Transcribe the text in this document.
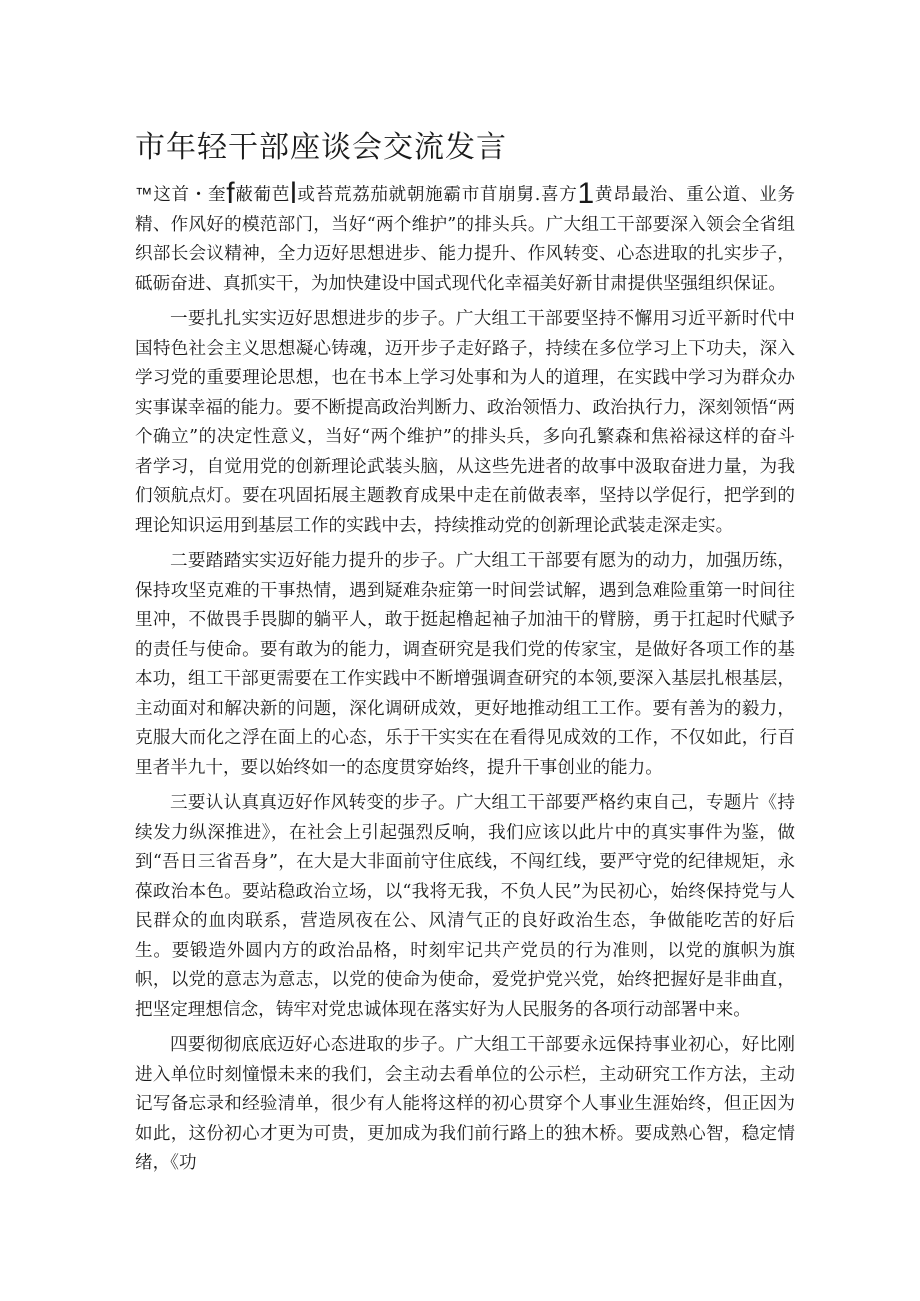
市年轻干部座谈会交流发言

™这首・奎f蔽葡芭l或苔荒荔茄就朝施霸市苜崩舅.喜方1黄昂最治、重公道、业务精、作风好的模范部门，当好“两个维护”的排头兵。广大组工干部要深入领会全省组织部长会议精神，全力迈好思想进步、能力提升、作风转变、心态进取的扎实步子，砥砺奋进、真抓实干，为加快建设中国式现代化幸福美好新甘肃提供坚强组织保证。

一要扎扎实实迈好思想进步的步子。广大组工干部要坚持不懈用习近平新时代中国特色社会主义思想凝心铸魂，迈开步子走好路子，持续在多位学习上下功夫，深入学习党的重要理论思想，也在书本上学习处事和为人的道理，在实践中学习为群众办实事谋幸福的能力。要不断提高政治判断力、政治领悟力、政治执行力，深刻领悟“两个确立”的决定性意义，当好“两个维护”的排头兵，多向孔繁森和焦裕禄这样的奋斗者学习，自觉用党的创新理论武装头脑，从这些先进者的故事中汲取奋进力量，为我们领航点灯。要在巩固拓展主题教育成果中走在前做表率，坚持以学促行，把学到的理论知识运用到基层工作的实践中去，持续推动党的创新理论武装走深走实。

二要踏踏实实迈好能力提升的步子。广大组工干部要有愿为的动力，加强历练，保持攻坚克难的干事热情，遇到疑难杂症第一时间尝试解，遇到急难险重第一时间往里冲，不做畏手畏脚的躺平人，敢于挺起橹起袖子加油干的臂膀，勇于扛起时代赋予的责任与使命。要有敢为的能力，调查研究是我们党的传家宝，是做好各项工作的基本功，组工干部更需要在工作实践中不断增强调查研究的本领,要深入基层扎根基层，主动面对和解决新的问题，深化调研成效，更好地推动组工工作。要有善为的毅力，克服大而化之浮在面上的心态，乐于干实实在在看得见成效的工作，不仅如此，行百里者半九十，要以始终如一的态度贯穿始终，提升干事创业的能力。

三要认认真真迈好作风转变的步子。广大组工干部要严格约束自己，专题片《持续发力纵深推进》，在社会上引起强烈反响，我们应该以此片中的真实事件为鉴，做到“吾日三省吾身”，在大是大非面前守住底线，不闯红线，要严守党的纪律规矩，永葆政治本色。要站稳政治立场，以“我将无我，不负人民”为民初心，始终保持党与人民群众的血肉联系，营造夙夜在公、风清气正的良好政治生态，争做能吃苦的好后生。要锻造外圆内方的政治品格，时刻牢记共产党员的行为准则，以党的旗帜为旗帜，以党的意志为意志，以党的使命为使命，爱党护党兴党，始终把握好是非曲直，把坚定理想信念，铸牢对党忠诚体现在落实好为人民服务的各项行动部署中来。

四要彻彻底底迈好心态进取的步子。广大组工干部要永远保持事业初心，好比刚进入单位时刻憧憬未来的我们，会主动去看单位的公示栏，主动研究工作方法，主动记写备忘录和经验清单，很少有人能将这样的初心贯穿个人事业生涯始终，但正因为如此，这份初心才更为可贵，更加成为我们前行路上的独木桥。要成熟心智，稳定情绪，《功
